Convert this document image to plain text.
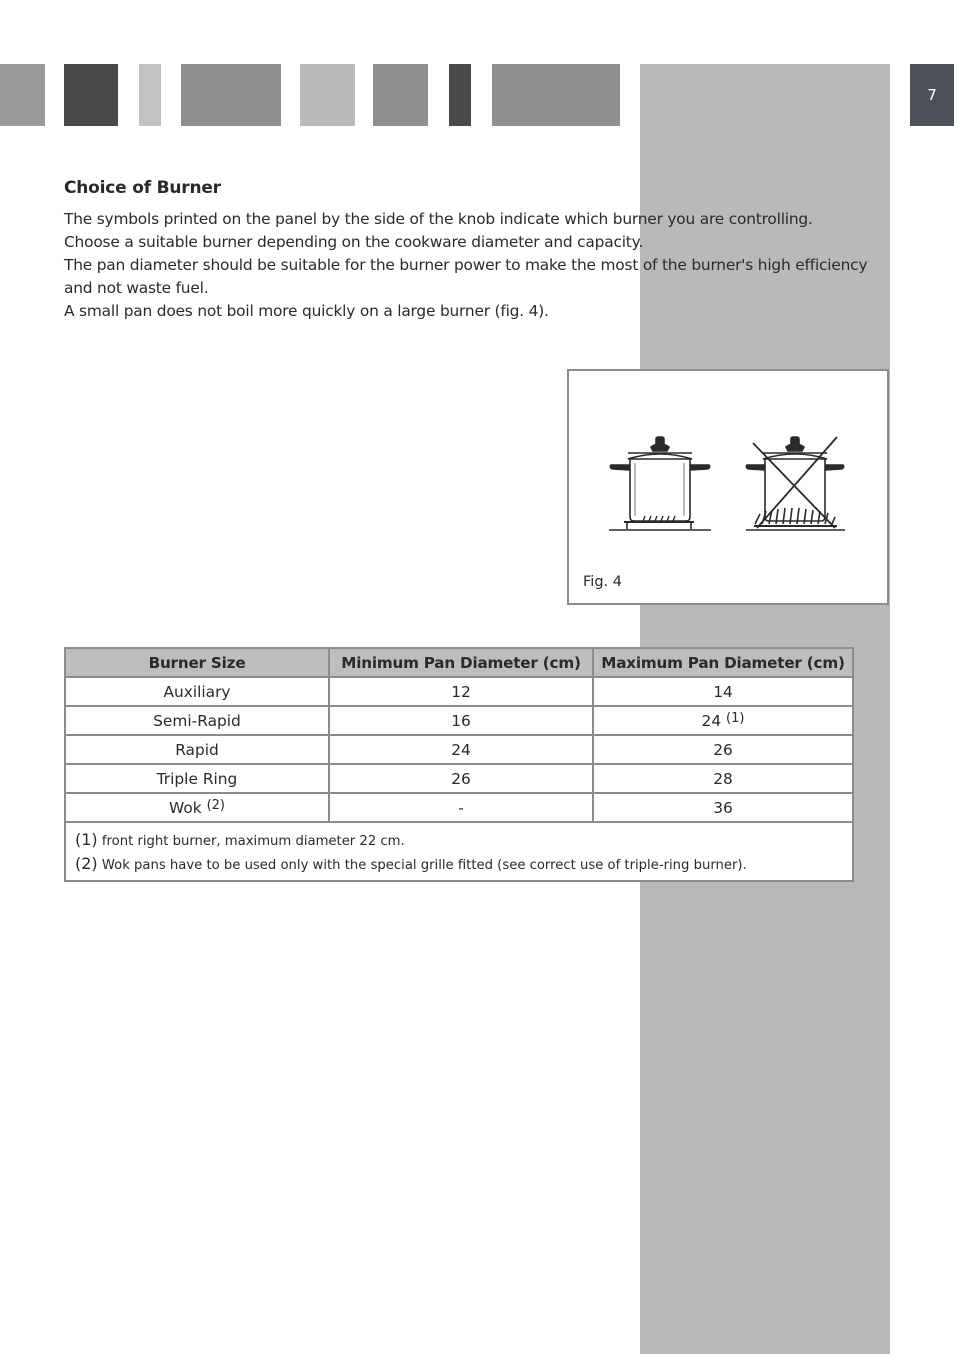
7
Choice of Burner
The symbols printed on the panel by the side of the knob indicate which burner you are controlling.
Choose a suitable burner depending on the cookware diameter and capacity.
The pan diameter should be suitable for the burner power to make the most of the burner's high efficiency
and not waste fuel.
A small pan does not boil more quickly on a large burner (fig. 4).
Fig. 4
Burner Size	Minimum Pan Diameter (cm)	Maximum Pan Diameter (cm)
Auxiliary	12	14
Semi-Rapid	16	24 $^{(1)}$
Rapid	24	26
Triple Ring	26	28
Wok $^{(2)}$	-	36

(1) front right burner, maximum diameter 22 cm.
(2) Wok pans have to be used only with the special grille fitted (see correct use of triple-ring burner).		
